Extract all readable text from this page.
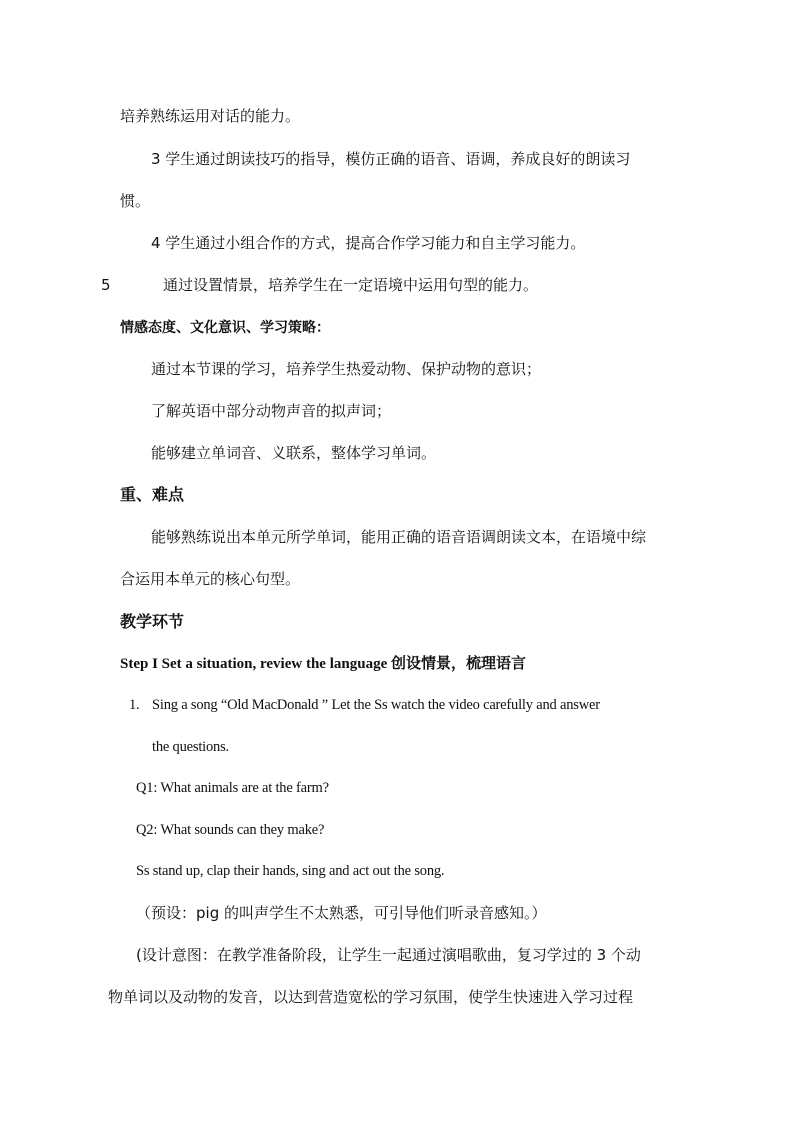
培养熟练运用对话的能力。
3 学生通过朗读技巧的指导，模仿正确的语音、语调，养成良好的朗读习
惯。
4 学生通过小组合作的方式，提高合作学习能力和自主学习能力。
5	通过设置情景，培养学生在一定语境中运用句型的能力。
情感态度、文化意识、学习策略：
通过本节课的学习，培养学生热爱动物、保护动物的意识；
了解英语中部分动物声音的拟声词；
能够建立单词音、义联系，整体学习单词。
重、难点
能够熟练说出本单元所学单词，能用正确的语音语调朗读文本，在语境中综
合运用本单元的核心句型。
教学环节
Step I Set a situation, review the language 创设情景，梳理语言
1. Sing a song “Old MacDonald ” Let the Ss watch the video carefully and answer
the questions.
Q1: What animals are at the farm?
Q2: What sounds can they make?
Ss stand up, clap their hands, sing and act out the song.
（预设：pig 的叫声学生不太熟悉，可引导他们听录音感知。）
(设计意图：在教学准备阶段，让学生一起通过演唱歌曲，复习学过的 3 个动
物单词以及动物的发音，以达到营造宽松的学习氛围，使学生快速进入学习过程
